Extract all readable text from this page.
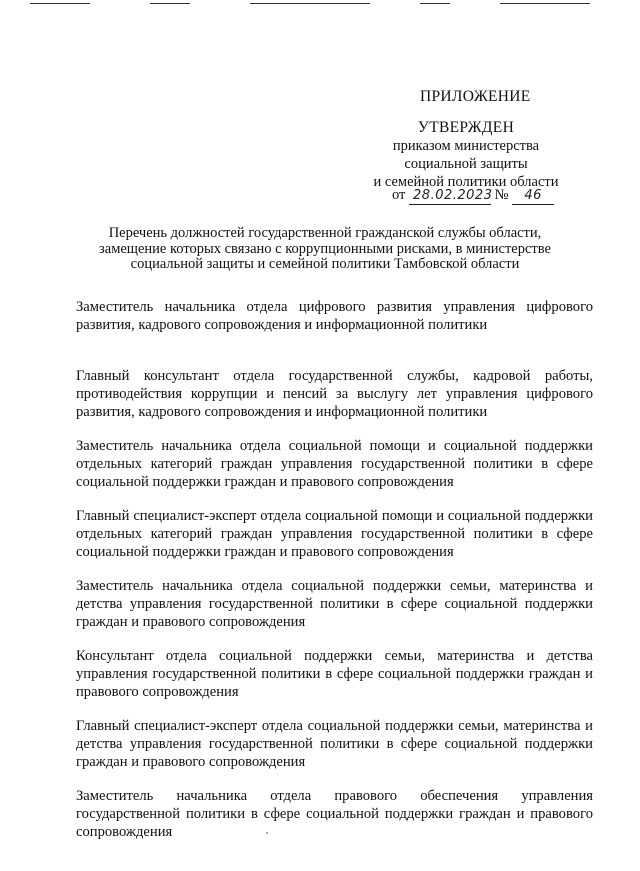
ПРИЛОЖЕНИЕ
УТВЕРЖДЕН
приказом министерства
социальной защиты
и семейной политики области
от 28.02.2023 № 46
Перечень должностей государственной гражданской службы области,
замещение которых связано с коррупционными рисками, в министерстве
социальной защиты и семейной политики Тамбовской области
Заместитель начальника отдела цифрового развития управления цифрового развития, кадрового сопровождения и информационной политики
Главный консультант отдела государственной службы, кадровой работы, противодействия коррупции и пенсий за выслугу лет управления цифрового развития, кадрового сопровождения и информационной политики
Заместитель начальника отдела социальной помощи и социальной поддержки отдельных категорий граждан управления государственной политики в сфере социальной поддержки граждан и правового сопровождения
Главный специалист-эксперт отдела социальной помощи и социальной поддержки отдельных категорий граждан управления государственной политики в сфере социальной поддержки граждан и правового сопровождения
Заместитель начальника отдела социальной поддержки семьи, материнства и детства управления государственной политики в сфере социальной поддержки граждан и правового сопровождения
Консультант отдела социальной поддержки семьи, материнства и детства управления государственной политики в сфере социальной поддержки граждан и правового сопровождения
Главный специалист-эксперт отдела социальной поддержки семьи, материнства и детства управления государственной политики в сфере социальной поддержки граждан и правового сопровождения
Заместитель начальника отдела правового обеспечения управления государственной политики в сфере социальной поддержки граждан и правового сопровождения
